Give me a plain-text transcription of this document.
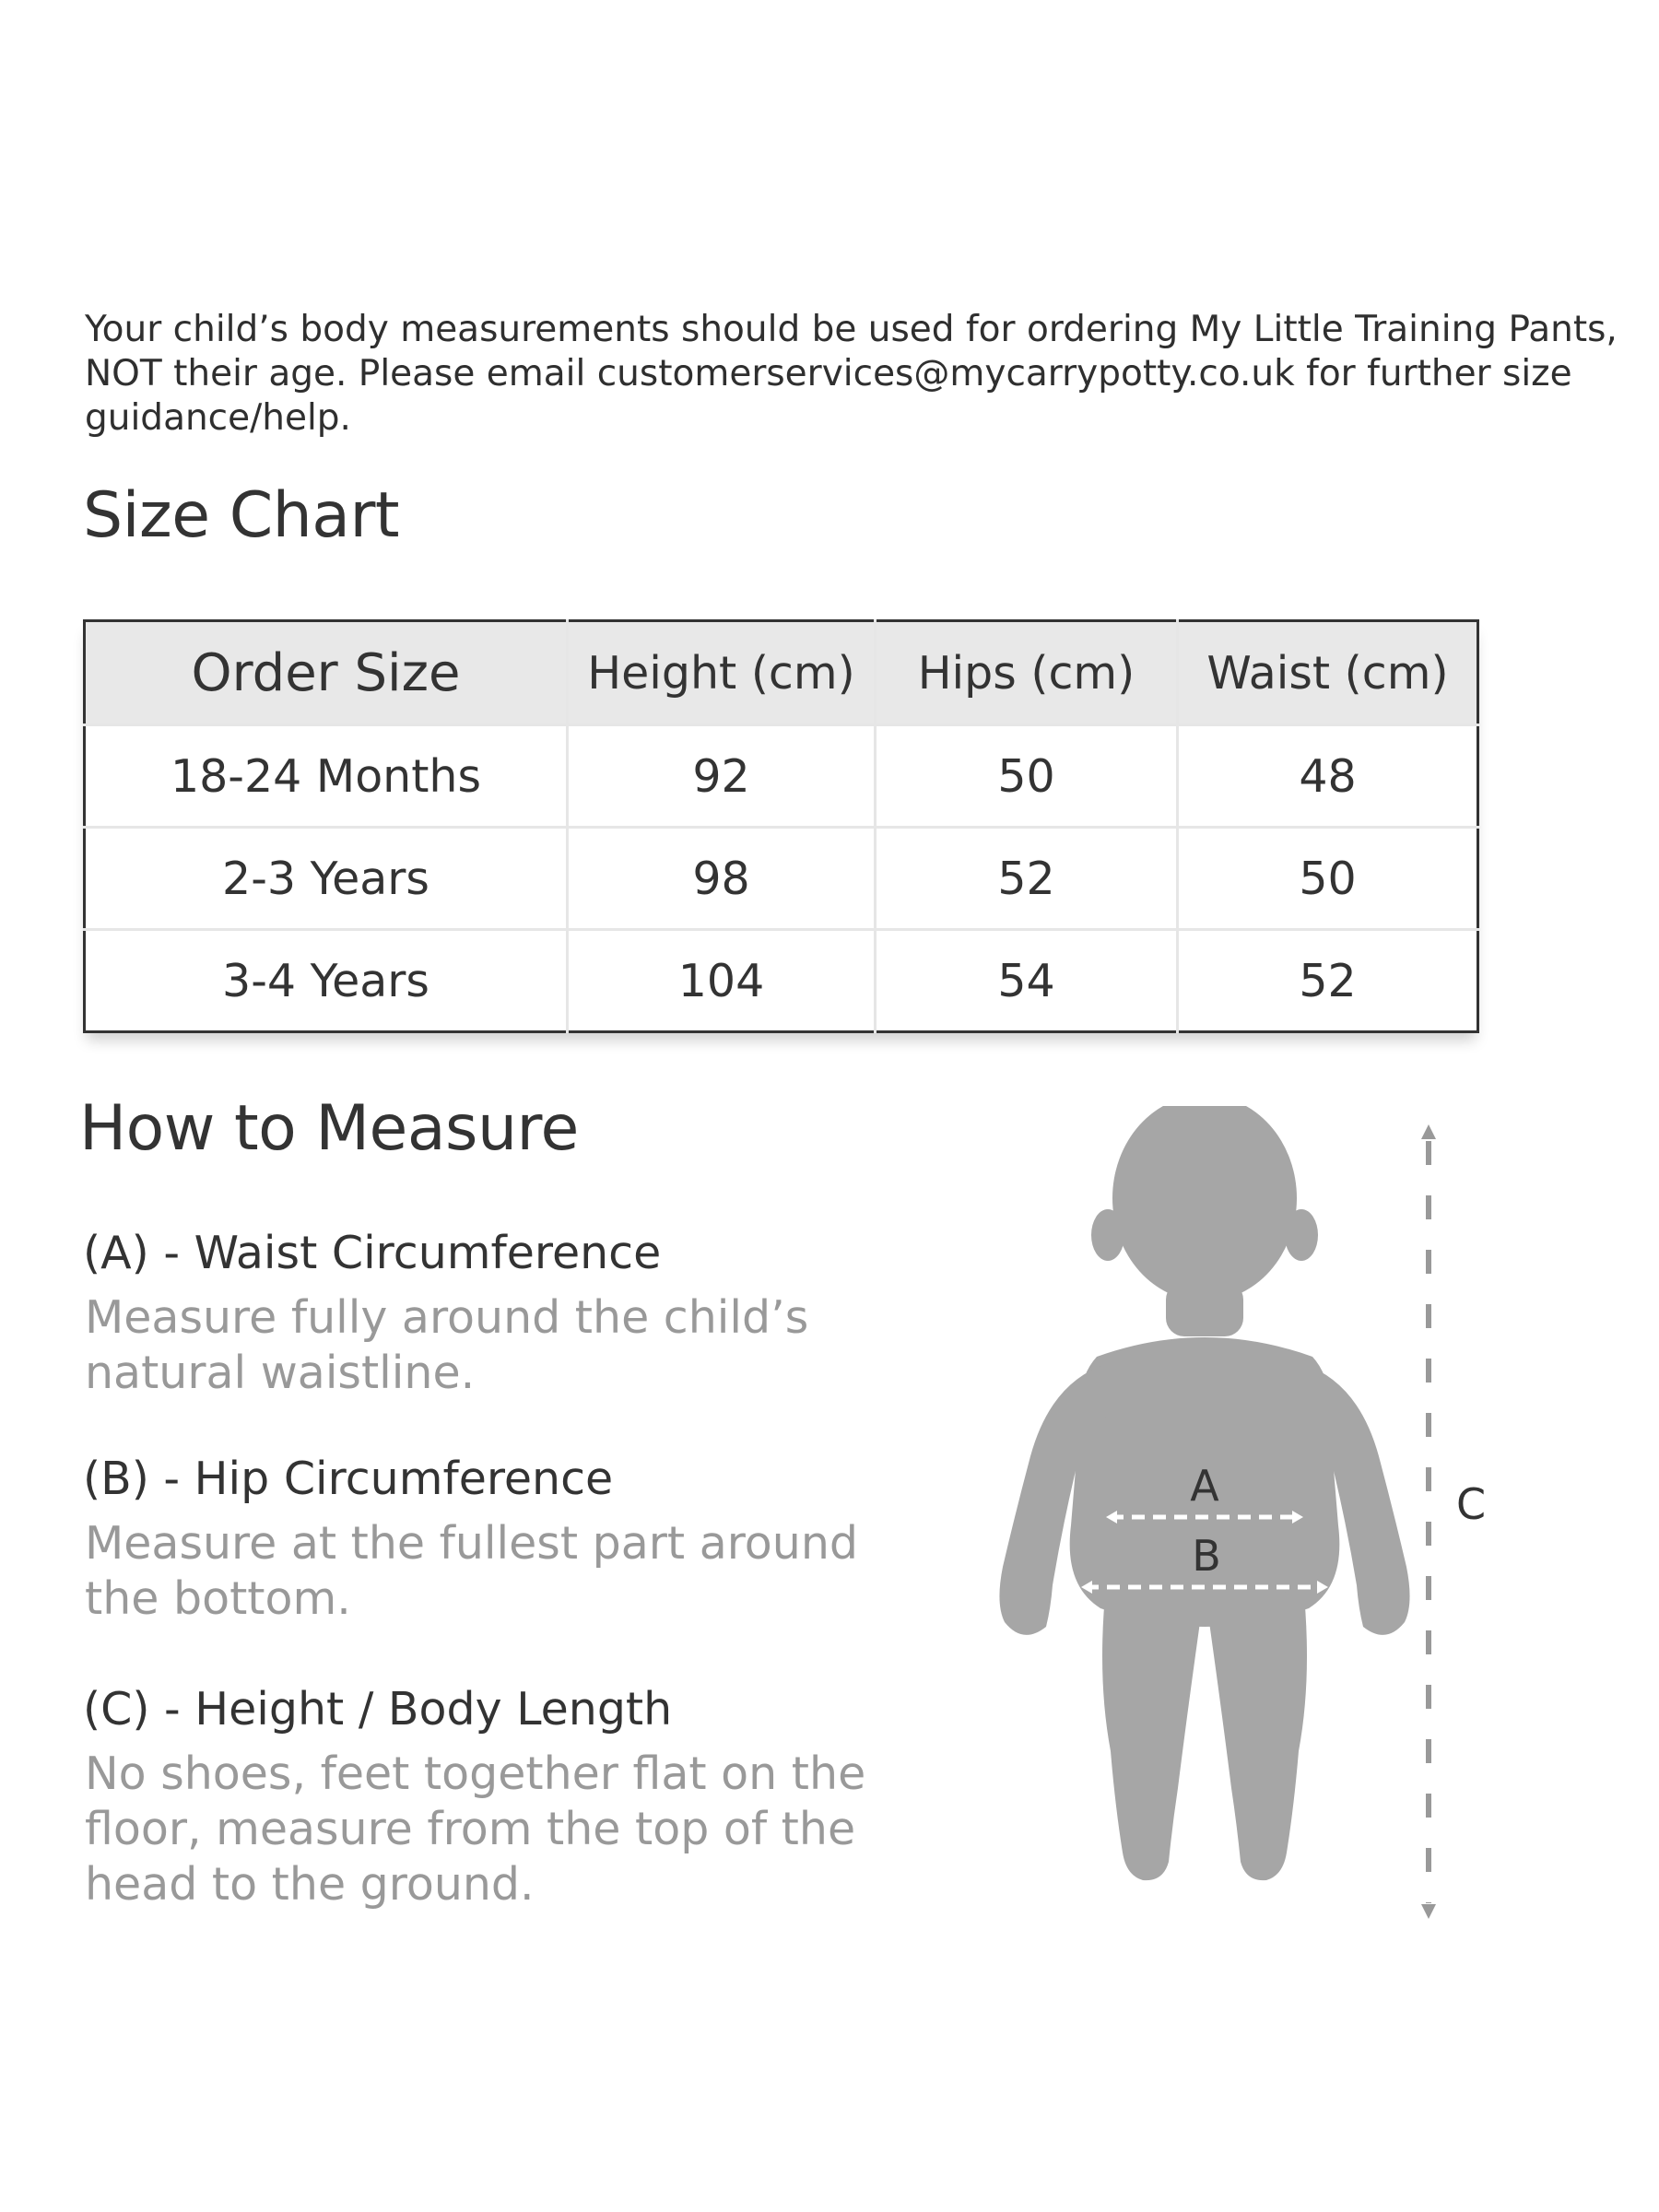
Your child’s body measurements should be used for ordering My Little Training Pants, NOT their age. Please email customerservices@mycarrypotty.co.uk for further size guidance/help.

Size Chart
Order Size	Height (cm)	Hips (cm)	Waist (cm)
18-24 Months	92	50	48
2-3 Years	98	52	50
3-4 Years	104	54	52
How to Measure
(A) - Waist Circumference

Measure fully around the child’s natural waistline.

(B) - Hip Circumference

Measure at the fullest part around the bottom.

(C) - Height / Body Length

No shoes, feet together flat on the floor, measure from the top of the head to the ground.

A
B
C
